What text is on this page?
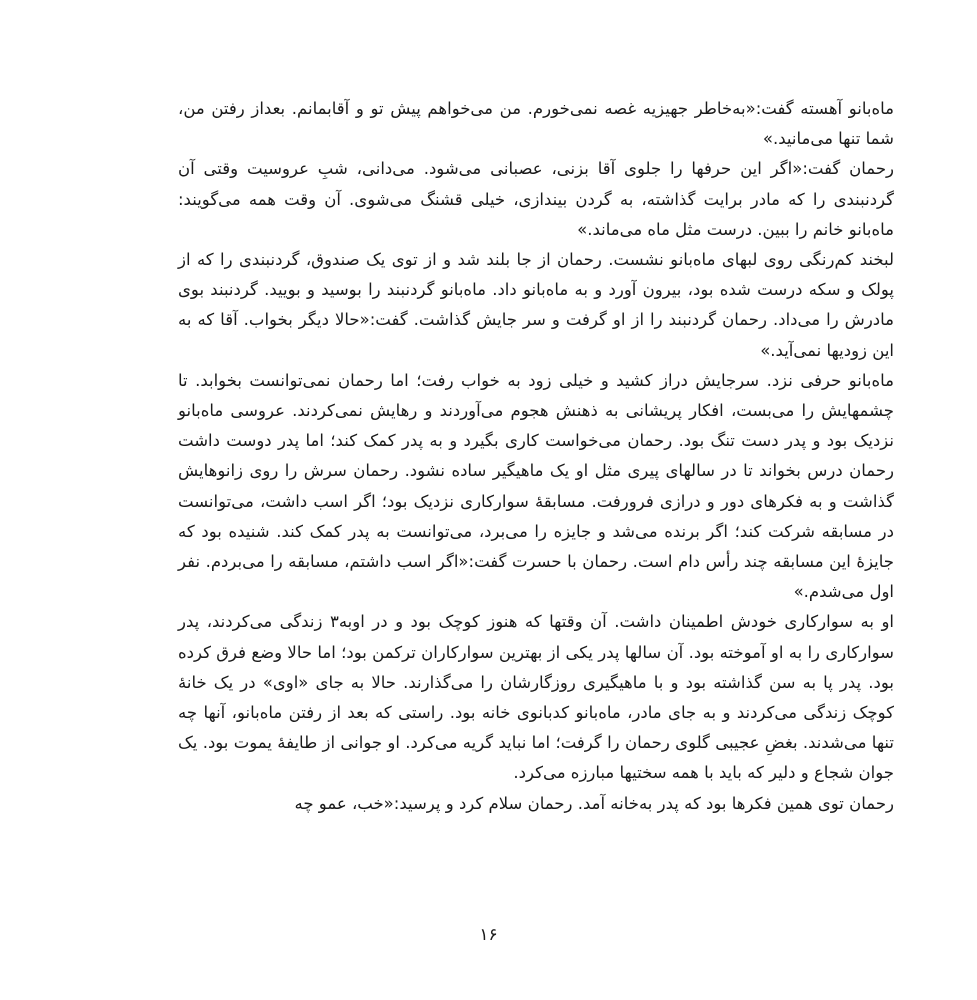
ماه‌بانو آهسته گفت:«به‌خاطر جهیزیه غصه نمی‌خورم. من می‌خواهم پیش تو و آقابمانم. بعداز رفتن من، شما تنها می‌مانید.»

رحمان گفت:«اگر این حرفها را جلوی آقا بزنی، عصبانی می‌شود. می‌دانی، شبِ عروسیت وقتی آن گردنبندی را که مادر برایت گذاشته، به گردن بیندازی، خیلی قشنگ می‌شوی. آن وقت همه می‌گویند: ماه‌بانو خانم را ببین. درست مثل ماه می‌ماند.»

لبخند کم‌رنگی روی لبهای ماه‌بانو نشست. رحمان از جا بلند شد و از توی یک صندوق، گردنبندی را که از پولک و سکه درست شده بود، بیرون آورد و به ماه‌بانو داد. ماه‌بانو گردنبند را بوسید و بویید. گردنبند بوی مادرش را می‌داد. رحمان گردنبند را از او گرفت و سر جایش گذاشت. گفت:«حالا دیگر بخواب. آقا که به این زودیها نمی‌آید.»

ماه‌بانو حرفی نزد. سرجایش دراز کشید و خیلی زود به خواب رفت؛ اما رحمان نمی‌توانست بخوابد. تا چشمهایش را می‌بست، افکار پریشانی به ذهنش هجوم می‌آوردند و رهایش نمی‌کردند. عروسی ماه‌بانو نزدیک بود و پدر دست تنگ بود. رحمان می‌خواست کاری بگیرد و به پدر کمک کند؛ اما پدر دوست داشت رحمان درس بخواند تا در سالهای پیری مثل او یک ماهیگیر ساده نشود. رحمان سرش را روی زانوهایش گذاشت و به فکرهای دور و درازی فرورفت. مسابقهٔ سوارکاری نزدیک بود؛ اگر اسب داشت، می‌توانست در مسابقه شرکت کند؛ اگر برنده می‌شد و جایزه را می‌برد، می‌توانست به پدر کمک کند. شنیده بود که جایزهٔ این مسابقه چند رأس دام است. رحمان با حسرت گفت:«اگر اسب داشتم، مسابقه را می‌بردم. نفر اول می‌شدم.»

او به سوارکاری خودش اطمینان داشت. آن وقتها که هنوز کوچک بود و در اوبه۳ زندگی می‌کردند، پدر سوارکاری را به او آموخته بود. آن سالها پدر یکی از بهترین سوارکاران ترکمن بود؛ اما حالا وضع فرق کرده بود. پدر پا به سن گذاشته بود و با ماهیگیری روزگارشان را می‌گذارند. حالا به جای «اوی» در یک خانهٔ کوچک زندگی می‌کردند و به جای مادر، ماه‌بانو کدبانوی خانه بود. راستی که بعد از رفتن ماه‌بانو، آنها چه تنها می‌شدند. بغضِ عجیبی گلوی رحمان را گرفت؛ اما نباید گریه می‌کرد. او جوانی از طایفهٔ یموت بود. یک جوان شجاع و دلیر که باید با همه سختیها مبارزه می‌کرد.

رحمان توی همین فکرها بود که پدر به‌خانه آمد. رحمان سلام کرد و پرسید:«خب، عمو چه

۱۶
